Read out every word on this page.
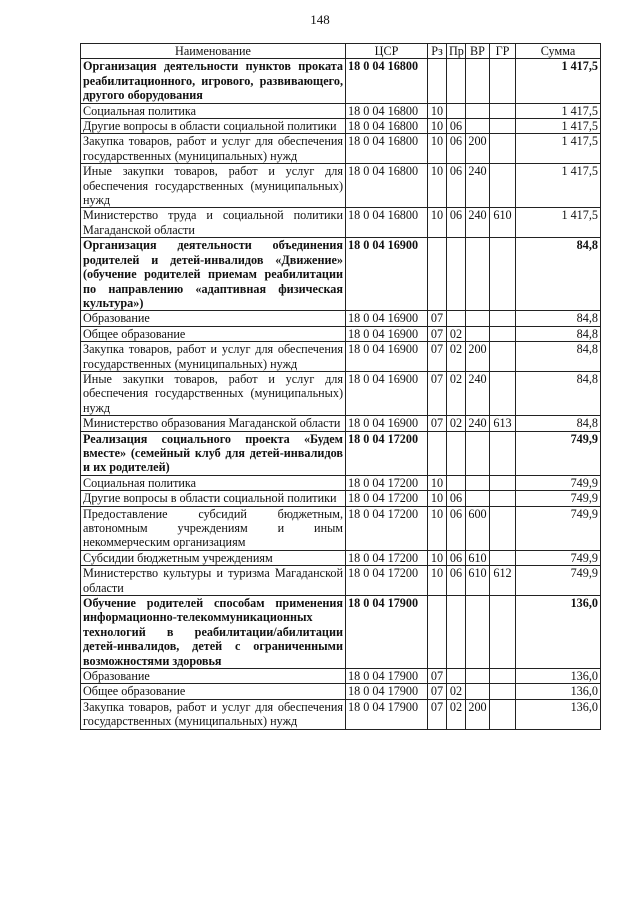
148
Наименование	ЦСР	Рз	Пр	ВР	ГР	Сумма
Организация деятельности пунктов проката реабилитационного, игрового, развивающего, другого оборудования	18 0 04 16800					1 417,5
Социальная политика	18 0 04 16800	10				1 417,5
Другие вопросы в области социальной политики	18 0 04 16800	10	06			1 417,5
Закупка товаров, работ и услуг для обеспечения государственных (муниципальных) нужд	18 0 04 16800	10	06	200		1 417,5
Иные закупки товаров, работ и услуг для обеспечения государственных (муниципальных) нужд	18 0 04 16800	10	06	240		1 417,5
Министерство труда и социальной политики Магаданской области	18 0 04 16800	10	06	240	610	1 417,5
Организация деятельности объединения родителей и детей-инвалидов «Движение» (обучение родителей приемам реабилитации по направлению «адаптивная физическая культура»)	18 0 04 16900					84,8
Образование	18 0 04 16900	07				84,8
Общее образование	18 0 04 16900	07	02			84,8
Закупка товаров, работ и услуг для обеспечения государственных (муниципальных) нужд	18 0 04 16900	07	02	200		84,8
Иные закупки товаров, работ и услуг для обеспечения государственных (муниципальных) нужд	18 0 04 16900	07	02	240		84,8
Министерство образования Магаданской области	18 0 04 16900	07	02	240	613	84,8
Реализация социального проекта «Будем вместе» (семейный клуб для детей-инвалидов и их родителей)	18 0 04 17200					749,9
Социальная политика	18 0 04 17200	10				749,9
Другие вопросы в области социальной политики	18 0 04 17200	10	06			749,9
Предоставление субсидий бюджетным, автономным учреждениям и иным некоммерческим организациям	18 0 04 17200	10	06	600		749,9
Субсидии бюджетным учреждениям	18 0 04 17200	10	06	610		749,9
Министерство культуры и туризма Магаданской области	18 0 04 17200	10	06	610	612	749,9
Обучение родителей способам применения информационно-телекоммуникационных технологий в реабилитации/абилитации детей-инвалидов, детей с ограниченными возможностями здоровья	18 0 04 17900					136,0
Образование	18 0 04 17900	07				136,0
Общее образование	18 0 04 17900	07	02			136,0
Закупка товаров, работ и услуг для обеспечения государственных (муниципальных) нужд	18 0 04 17900	07	02	200		136,0
